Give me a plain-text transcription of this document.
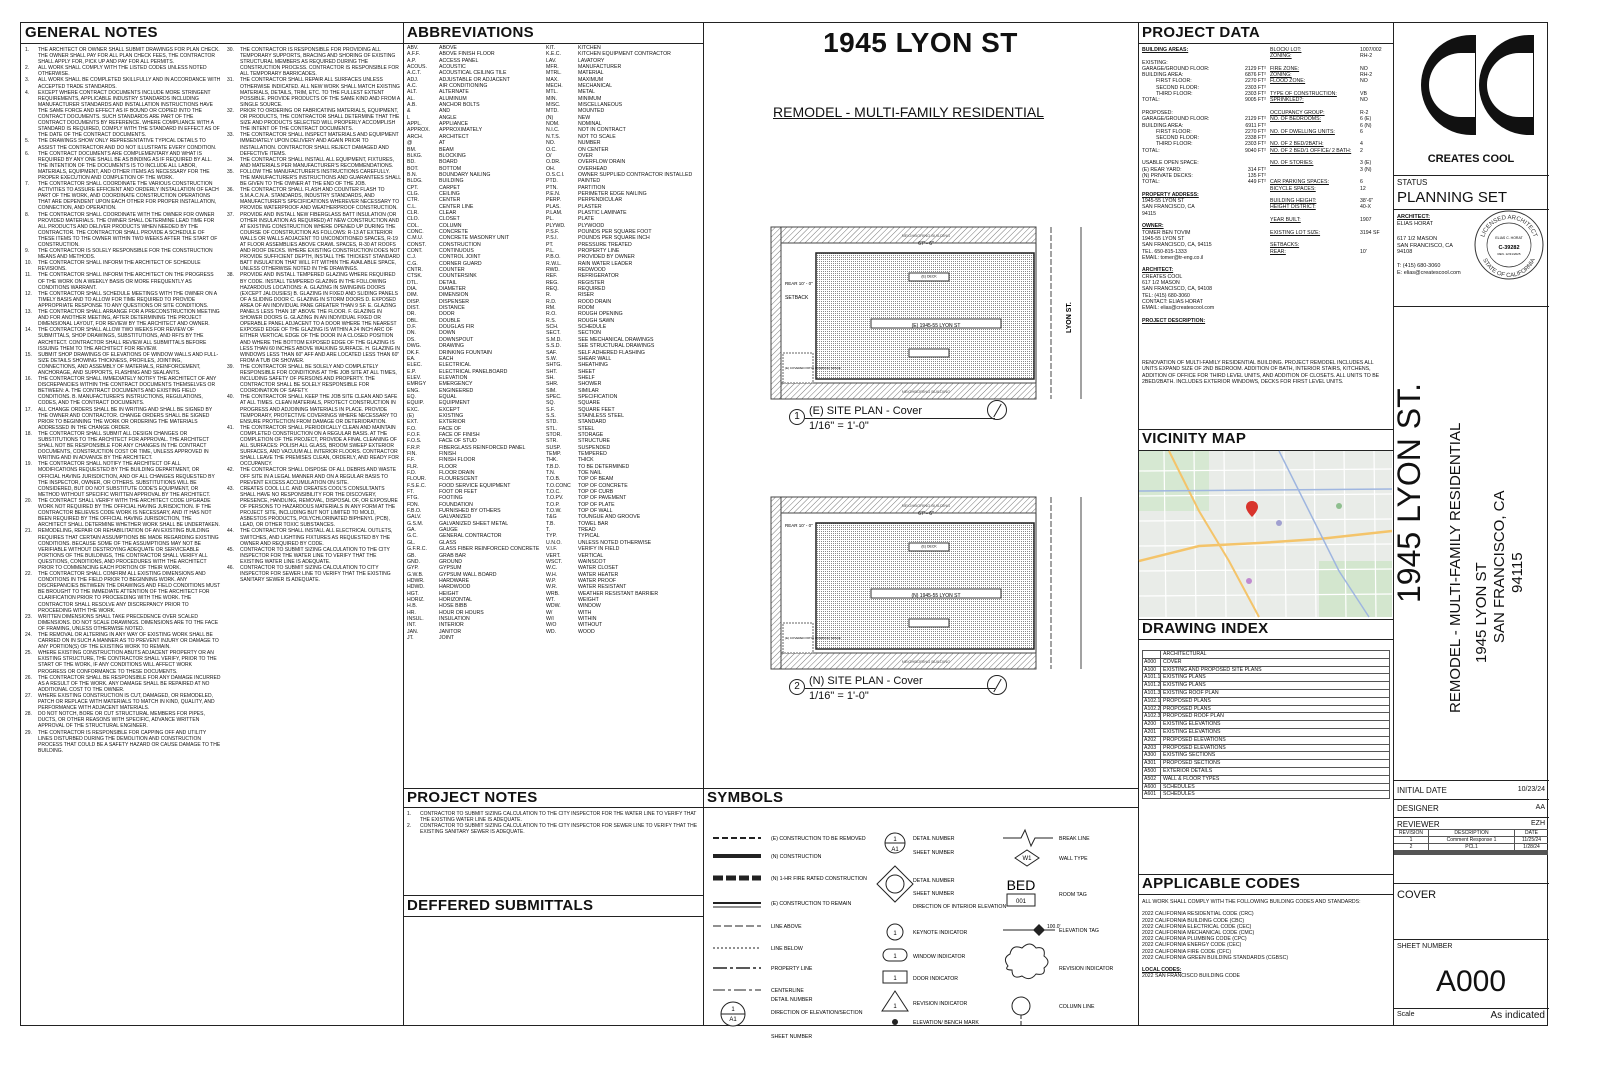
GENERAL NOTES
1.	THE ARCHITECT OR OWNER SHALL SUBMIT DRAWINGS FOR PLAN CHECK. THE OWNER SHALL PAY FOR ALL PLAN CHECK FEES, THE CONTRACTOR SHALL APPLY FOR, PICK UP AND PAY FOR ALL PERMITS.
2.	ALL WORK SHALL COMPLY WITH THE LISTED CODES UNLESS NOTED OTHERWISE.
3.	ALL WORK SHALL BE COMPLETED SKILLFULLY AND IN ACCORDANCE WITH ACCEPTED TRADE STANDARDS.
4.	EXCEPT WHERE CONTRACT DOCUMENTS INCLUDE MORE STRINGENT REQUIREMENTS, APPLICABLE INDUSTRY STANDARDS INCLUDING MANUFACTURER STANDARDS AND INSTALLATION INSTRUCTIONS HAVE THE SAME FORCE AND EFFECT AS IF BOUND OR COPIED INTO THE CONTRACT DOCUMENTS. SUCH STANDARDS ARE PART OF THE CONTRACT DOCUMENTS BY REFERENCE. WHERE COMPLIANCE WITH A STANDARD IS REQUIRED, COMPLY WITH THE STANDARD IN EFFECT AS OF THE DATE OF THE CONTRACT DOCUMENTS.
5.	THE DRAWINGS SHOW ONLY REPRESENTATIVE TYPICAL DETAILS TO ASSIST THE CONTRACTOR AND DO NOT ILLUSTRATE EVERY CONDITION.
6.	THE CONTRACT DOCUMENTS ARE COMPLEMENTARY AND WHAT IS REQUIRED BY ANY ONE SHALL BE AS BINDING AS IF REQUIRED BY ALL. THE INTENTION OF THE DOCUMENTS IS TO INCLUDE ALL LABOR, MATERIALS, EQUIPMENT, AND OTHER ITEMS AS NECESSARY FOR THE PROPER EXECUTION AND COMPLETION OF THE WORK.
7.	THE CONTRACTOR SHALL COORDINATE THE VARIOUS CONSTRUCTION ACTIVITIES TO ASSURE EFFICIENT AND ORDERLY INSTALLATION OF EACH PART OF THE WORK, AND COORDINATE CONSTRUCTION OPERATIONS THAT ARE DEPENDENT UPON EACH OTHER FOR PROPER INSTALLATION, CONNECTION, AND OPERATION.
8.	THE CONTRACTOR SHALL COORDINATE WITH THE OWNER FOR OWNER PROVIDED MATERIALS. THE OWNER SHALL DETERMINE LEAD TIME FOR ALL PRODUCTS AND DELIVER PRODUCTS WHEN NEEDED BY THE CONTRACTOR. THE CONTRACTOR SHALL PROVIDE A SCHEDULE OF THESE ITEMS TO THE OWNER WITHIN TWO WEEKS AFTER THE START OF CONSTRUCTION.
9.	THE CONTRACTOR IS SOLELY RESPONSIBLE FOR THE CONSTRUCTION MEANS AND METHODS.
10.	THE CONTRACTOR SHALL INFORM THE ARCHITECT OF SCHEDULE REVISIONS.
11.	THE CONTRACTOR SHALL INFORM THE ARCHITECT ON THE PROGRESS OF THE WORK ON A WEEKLY BASIS OR MORE FREQUENTLY AS CONDITIONS WARRANT.
12.	THE CONTRACTOR SHALL SCHEDULE MEETINGS WITH THE OWNER ON A TIMELY BASIS AND TO ALLOW FOR TIME REQUIRED TO PROVIDE APPROPRIATE RESPONSE TO ANY QUESTIONS OR SITE CONDITIONS.
13.	THE CONTRACTOR SHALL ARRANGE FOR A PRECONSTRUCTION MEETING AND FOR ANOTHER MEETING, AFTER DETERMINING THE PROJECT DIMENSIONAL LAYOUT, FOR REVIEW BY THE ARCHITECT AND OWNER.
14.	THE CONTRACTOR SHALL ALLOW TWO WEEKS FOR REVIEW OF SUBMITTALS, SHOP DRAWINGS, SUBSTITUTIONS, AND RFI'S BY THE ARCHITECT. CONTRACTOR SHALL REVIEW ALL SUBMITTALS BEFORE ISSUING THEM TO THE ARCHITECT FOR REVIEW.
15.	SUBMIT SHOP DRAWINGS OF ELEVATIONS OF WINDOW WALLS AND FULL-SIZE DETAILS SHOWING THICKNESS, PROFILES, JOINTING, CONNECTIONS, AND ASSEMBLY OF MATERIALS, REINFORCEMENT, ANCHORAGE, AND SUPPORTS, FLASHING AND SEALANTS.
16.	THE CONTRACTOR SHALL IMMEDIATELY NOTIFY THE ARCHITECT OF ANY DISCREPANCIES WITHIN THE CONTRACT DOCUMENTS THEMSELVES OR BETWEEN: A. THE CONTRACT DOCUMENTS AND EXISTING FIELD CONDITIONS. B. MANUFACTURER'S INSTRUCTIONS, REGULATIONS, CODES, AND THE CONTRACT DOCUMENTS.
17.	ALL CHANGE ORDERS SHALL BE IN WRITING AND SHALL BE SIGNED BY THE OWNER AND CONTRACTOR. CHANGE ORDERS SHALL BE SIGNED PRIOR TO BEGINNING THE WORK OR ORDERING THE MATERIALS ADDRESSED IN THE CHANGE ORDER.
18.	THE CONTRACTOR SHALL SUBMIT ALL DESIGN CHANGES OR SUBSTITUTIONS TO THE ARCHITECT FOR APPROVAL. THE ARCHITECT SHALL NOT BE RESPONSIBLE FOR ANY CHANGES IN THE CONTRACT DOCUMENTS, CONSTRUCTION COST OR TIME, UNLESS APPROVED IN WRITING AND IN ADVANCE BY THE ARCHITECT.
19.	THE CONTRACTOR SHALL NOTIFY THE ARCHITECT OF ALL MODIFICATIONS REQUESTED BY THE BUILDING DEPARTMENT, OR OFFICIAL HAVING JURISDICTION, AND OF ALL CHANGES REQUESTED BY THE INSPECTOR, OWNER, OR OTHERS. SUBSTITUTIONS WILL BE CONSIDERED, BUT DO NOT SUBSTITUTE CODE'S EQUIPMENT, OR METHOD WITHOUT SPECIFIC WRITTEN APPROVAL BY THE ARCHITECT.
20.	THE CONTRACT SHALL VERIFY WITH THE ARCHITECT CODE UPGRADE WORK NOT REQUIRED BY THE OFFICIAL HAVING JURISDICTION. IF THE CONTRACTOR BELIEVES CODE WORK IS NECESSARY, AND IT HAS NOT BEEN REQUIRED BY THE OFFICIAL HAVING JURISDICTION, THE ARCHITECT SHALL DETERMINE WHETHER WORK SHALL BE UNDERTAKEN.
21.	REMODELING, REPAIR OR REHABILITATION OF AN EXISTING BUILDING REQUIRES THAT CERTAIN ASSUMPTIONS BE MADE REGARDING EXISTING CONDITIONS. BECAUSE SOME OF THE ASSUMPTIONS MAY NOT BE VERIFIABLE WITHOUT DESTROYING ADEQUATE OR SERVICEABLE PORTIONS OF THE BUILDINGS, THE CONTRACTOR SHALL VERIFY ALL QUESTIONS, CONDITIONS, AND PROCEDURES WITH THE ARCHITECT PRIOR TO COMMENCING EACH PORTION OF THEIR WORK.
22.	THE CONTRACTOR SHALL CONFIRM ALL EXISTING DIMENSIONS AND CONDITIONS IN THE FIELD PRIOR TO BEGINNING WORK. ANY DISCREPANCIES BETWEEN THE DRAWINGS AND FIELD CONDITIONS MUST BE BROUGHT TO THE IMMEDIATE ATTENTION OF THE ARCHITECT FOR CLARIFICATION PRIOR TO PROCEEDING WITH THE WORK. THE CONTRACTOR SHALL RESOLVE ANY DISCREPANCY PRIOR TO PROCEEDING WITH THE WORK.
23.	WRITTEN DIMENSIONS SHALL TAKE PRECEDENCE OVER SCALED DIMENSIONS. DO NOT SCALE DRAWINGS. DIMENSIONS ARE TO THE FACE OF FRAMING, UNLESS OTHERWISE NOTED.
24.	THE REMOVAL OR ALTERING IN ANY WAY OF EXISTING WORK SHALL BE CARRIED ON IN SUCH A MANNER AS TO PREVENT INJURY OR DAMAGE TO ANY PORTION(S) OF THE EXISTING WORK TO REMAIN.
25.	WHERE EXISTING CONSTRUCTION ABUTS ADJACENT PROPERTY OR AN EXISTING STRUCTURE, THE CONTRACTOR SHALL VERIFY, PRIOR TO THE START OF THE WORK, IF ANY CONDITIONS WILL AFFECT WORK PROGRESS OR CONFORMANCE TO THESE DOCUMENTS.
26.	THE CONTRACTOR SHALL BE RESPONSIBLE FOR ANY DAMAGE INCURRED AS A RESULT OF THE WORK. ANY DAMAGE SHALL BE REPAIRED AT NO ADDITIONAL COST TO THE OWNER.
27.	WHERE EXISTING CONSTRUCTION IS CUT, DAMAGED, OR REMODELED, PATCH OR REPLACE WITH MATERIALS TO MATCH IN KIND, QUALITY, AND PERFORMANCE WITH ADJACENT MATERIALS.
28.	DO NOT NOTCH, BORE OR CUT STRUCTURAL MEMBERS FOR PIPES, DUCTS, OR OTHER REASONS WITH SPECIFIC, ADVANCE WRITTEN APPROVAL OF THE STRUCTURAL ENGINEER.
29.	THE CONTRACTOR IS RESPONSIBLE FOR CAPPING OFF AND UTILITY LINES DISTURBED DURING THE DEMOLITION AND CONSTRUCTION PROCESS THAT COULD BE A SAFETY HAZARD OR CAUSE DAMAGE TO THE BUILDING.
30.	THE CONTRACTOR IS RESPONSIBLE FOR PROVIDING ALL TEMPORARY SUPPORTS, BRACING AND SHORING OF EXISTING STRUCTURAL MEMBERS AS REQUIRED DURING THE CONSTRUCTION PROCESS. CONTRACTOR IS RESPONSIBLE FOR ALL TEMPORARY BARRICADES.
31.	THE CONTRACTOR SHALL REPAIR ALL SURFACES UNLESS OTHERWISE INDICATED. ALL NEW WORK SHALL MATCH EXISTING MATERIALS, DETAILS, TRIM, ETC. TO THE FULLEST EXTENT POSSIBLE. PROVIDE PRODUCTS OF THE SAME KIND AND FROM A SINGLE SOURCE.
32.	PRIOR TO ORDERING OR FABRICATING MATERIALS, EQUIPMENT, OR PRODUCTS, THE CONTRACTOR SHALL DETERMINE THAT THE SIZE AND PRODUCTS SELECTED WILL PROPERLY ACCOMPLISH THE INTENT OF THE CONTRACT DOCUMENTS.
33.	THE CONTRACTOR SHALL INSPECT MATERIALS AND EQUIPMENT IMMEDIATELY UPON DELIVERY AND AGAIN PRIOR TO INSTALLATION. CONTRACTOR SHALL REJECT DAMAGED AND DEFECTIVE ITEMS.
34.	THE CONTRACTOR SHALL INSTALL ALL EQUIPMENT, FIXTURES, AND MATERIALS PER MANUFACTURER'S RECOMMENDATIONS.
35.	FOLLOW THE MANUFACTURER'S INSTRUCTIONS CAREFULLY. THE MANUFACTURER'S INSTRUCTIONS AND GUARANTEES SHALL BE GIVEN TO THE OWNER AT THE END OF THE JOB.
36.	THE CONTRACTOR SHALL FLASH AND COUNTER FLASH TO S.M.A.C.N.A. STANDARDS, INDUSTRY STANDARDS, AND MANUFACTURER'S SPECIFICATIONS WHEREVER NECESSARY TO PROVIDE WATERPROOF AND WEATHERPROOF CONSTRUCTION.
37.	PROVIDE AND INSTALL NEW FIBERGLASS BATT INSULATION (OR OTHER INSULATION AS REQUIRED) AT NEW CONSTRUCTION AND AT EXISTING CONSTRUCTION WHERE OPENED UP DURING THE COURSE OF CONSTRUCTION AS FOLLOWS: R-13 AT EXTERIOR WALLS OR WALLS ADJACENT TO UNCONDITIONED SPACES, R-19 AT FLOOR ASSEMBLIES ABOVE CRAWL SPACES, R-30 AT ROOFS AND ROOF DECKS. WHERE EXISTING CONSTRUCTION DOES NOT PROVIDE SUFFICIENT DEPTH, INSTALL THE THICKEST STANDARD BATT INSULATION THAT WILL FIT WITHIN THE AVAILABLE SPACE, UNLESS OTHERWISE NOTED IN THE DRAWINGS.
38.	PROVIDE AND INSTALL TEMPERED GLAZING WHERE REQUIRED BY CODE. INSTALL TEMPERED GLAZING IN THE FOLLOWING HAZARDOUS LOCATIONS: A. GLAZING IN SWINGING DOORS (EXCEPT JALOUSIES) B. GLAZING IN FIXED AND SLIDING PANELS OF A SLIDING DOOR C. GLAZING IN STORM DOORS D. EXPOSED AREA OF AN INDIVIDUAL PANE GREATER THAN 9 SF. E. GLAZING PANELS LESS THAN 18" ABOVE THE FLOOR. F. GLAZING IN SHOWER DOORS G. GLAZING IN AN INDIVIDUAL FIXED OR OPERABLE PANEL ADJACENT TO A DOOR WHERE THE NEAREST EXPOSED EDGE OF THE GLAZING IS WITHIN A 24 INCH ARC OF EITHER VERTICAL EDGE OF THE DOOR IN A CLOSED POSITION AND WHERE THE BOTTOM EXPOSED EDGE OF THE GLAZING IS LESS THAN 60 INCHES ABOVE WALKING SURFACE. H. GLAZING IN WINDOWS LESS THAN 60" AFF AND ARE LOCATED LESS THAN 60" FROM A TUB OR SHOWER.
39.	THE CONTRACTOR SHALL BE SOLELY AND COMPLETELY RESPONSIBLE FOR CONDITIONS AT THE JOB SITE AT ALL TIMES, INCLUDING SAFETY OF PERSONS AND PROPERTY. THE CONTRACTOR SHALL BE SOLELY RESPONSIBLE FOR COORDINATION OF SAFETY.
40.	THE CONTRACTOR SHALL KEEP THE JOB SITE CLEAN AND SAFE AT ALL TIMES. CLEAN MATERIALS, PROTECT CONSTRUCTION IN PROGRESS AND ADJOINING MATERIALS IN PLACE. PROVIDE TEMPORARY, PROTECTIVE COVERINGS WHERE NECESSARY TO ENSURE PROTECTION FROM DAMAGE OR DETERIORATION.
41.	THE CONTRACTOR SHALL PERIODICALLY CLEAN AND MAINTAIN COMPLETED CONSTRUCTION ON A REGULAR BASIS. AT THE COMPLETION OF THE PROJECT, PROVIDE A FINAL CLEANING OF ALL SURFACES: POLISH ALL GLASS, BROOM SWEEP EXTERIOR SURFACES, AND VACUUM ALL INTERIOR FLOORS. CONTRACTOR SHALL LEAVE THE PREMISES CLEAN, ORDERLY, AND READY FOR OCCUPANCY.
42.	THE CONTRACTOR SHALL DISPOSE OF ALL DEBRIS AND WASTE OFF SITE IN A LEGAL MANNER AND ON A REGULAR BASIS TO PREVENT EXCESS ACCUMULATION ON SITE.
43.	CREATES COOL LLC. AND CREATES COOL'S CONSULTANTS SHALL HAVE NO RESPONSIBILITY FOR THE DISCOVERY, PRESENCE, HANDLING, REMOVAL, DISPOSAL OF, OR EXPOSURE OF PERSONS TO HAZARDOUS MATERIALS IN ANY FORM AT THE PROJECT SITE, INCLUDING BUT NOT LIMITED TO MOLD, ASBESTOS PRODUCTS, POLYCHLORINATED BIPHENYL (PCB), LEAD, OR OTHER TOXIC SUBSTANCES.
44.	THE CONTRACTOR SHALL INSTALL ALL ELECTRICAL OUTLETS, SWITCHES, AND LIGHTING FIXTURES AS REQUESTED BY THE OWNER AND REQUIRED BY CODE.
45.	CONTRACTOR TO SUBMIT SIZING CALCULATION TO THE CITY INSPECTOR FOR THE WATER LINE TO VERIFY THAT THE EXISTING WATER LINE IS ADEQUATE.
46.	CONTRACTOR TO SUBMIT SIZING CALCULATION TO CITY INSPECTOR FOR SEWER LINE TO VERIFY THAT THE EXISTING SANITARY SEWER IS ADEQUATE.
ABBREVIATIONS
ABV.	ABOVE
A.F.F.	ABOVE FINISH FLOOR
A.P.	ACCESS PANEL
ACOUS.	ACOUSTIC
A.C.T.	ACOUSTICAL CEILING TILE
ADJ.	ADJUSTABLE OR ADJACENT
A.C.	AIR CONDITIONING
ALT.	ALTERNATE
AL.	ALUMINUM
A.B.	ANCHOR BOLTS
&	AND
L	ANGLE
APPL.	APPLIANCE
APPROX.	APPROXIMATELY
ARCH.	ARCHITECT
@	AT
BM.	BEAM
BLKG.	BLOCKING
BD.	BOARD
BOT.	BOTTOM
B.N.	BOUNDARY NAILING
BLDG.	BUILDING
CPT.	CARPET
CLG.	CEILING
CTR.	CENTER
C.L.	CENTER LINE
CLR.	CLEAR
CLO.	CLOSET
COL.	COLUMN
CONC.	CONCRETE
C.M.U.	CONCRETE MASONRY UNIT
CONST.	CONSTRUCTION
CONT.	CONTINUOUS
C.J.	CONTROL JOINT
C.G.	CORNER GUARD
CNTR.	COUNTER
CTSK.	COUNTERSINK
DTL.	DETAIL
DIA.	DIAMETER
DIM.	DIMENSION
DISP.	DISPENSER
DIST.	DISTANCE
DR.	DOOR
DBL.	DOUBLE
D.F.	DOUGLAS FIR
DN.	DOWN
DS.	DOWNSPOUT
DWG.	DRAWING
DK.F.	DRINKING FOUNTAIN
EA.	EACH
ELEC.	ELECTRICAL
E.P.	ELECTRICAL PANELBOARD
ELEV.	ELEVATION
EMRGY	EMERGENCY
ENG.	ENGINEERED
EQ.	EQUAL
EQUIP.	EQUIPMENT
EXC.	EXCEPT
(E)	EXISTING
EXT.	EXTERIOR
F.O.	FACE OF
F.O.F.	FACE OF FINISH
F.O.S.	FACE OF STUD
F.R.P.	FIBERGLASS REINFORCED PANEL
FIN.	FINISH
F.F.	FINISH FLOOR
FLR.	FLOOR
F.D.	FLOOR DRAIN
FLOUR.	FLOURESCENT
F.S.E.C.	FOOD SERVICE EQUIPMENT
FT.	FOOT OR FEET
FTG.	FOOTING
FDN.	FOUNDATION
F.B.O.	FURNISHED BY OTHERS
GALV.	GALVANIZED
G.S.M.	GALVANIZED SHEET METAL
GA.	GAUGE
G.C.	GENERAL CONTRACTOR
GL.	GLASS
G.F.R.C.	GLASS FIBER REINFORCED CONCRETE
GB.	GRAB BAR
GND.	GROUND
GYP.	GYPSUM
G.W.B.	GYPSUM WALL BOARD
HDWR.	HARDWARE
HDWD.	HARDWOOD
HGT.	HEIGHT
HORIZ.	HORIZONTAL
H.B.	HOSE BIBB
HR.	HOUR OR HOURS
INSUL.	INSULATION
INT.	INTERIOR
JAN.	JANITOR
JT.	JOINT
KIT.	KITCHEN
K.E.C.	KITCHEN EQUIPMENT CONTRACTOR
LAV.	LAVATORY
MFR.	MANUFACTURER
MTRL.	MATERIAL
MAX.	MAXIMUM
MECH.	MECHANICAL
MTL.	METAL
MIN.	MINIMUM
MISC.	MISCELLANEOUS
MTD.	MOUNTED
(N)	NEW
NOM.	NOMINAL
N.I.C.	NOT IN CONTRACT
N.T.S.	NOT TO SCALE
NO.	NUMBER
O.C.	ON CENTER
O/	OVER
O.DR.	OVERFLOW DRAIN
OH.	OVERHEAD
O.S.C.I.	OWNER SUPPLIED CONTRACTOR INSTALLED
PTD.	PAINTED
PTN.	PARTITION
P.E.N.	PERIMETER EDGE NAILING
PERP.	PERPENDICULAR
PLAS.	PLASTER
P.LAM.	PLASTIC LAMINATE
PL.	PLATE
PLYWD.	PLYWOOD
P.S.F.	POUNDS PER SQUARE FOOT
P.S.I.	POUNDS PER SQUARE INCH
PT.	PRESSURE TREATED
P.L.	PROPERTY LINE
P.B.O.	PROVIDED BY OWNER
R.W.L.	RAIN WATER LEADER
RWD.	REDWOOD
REF.	REFRIGERATOR
REG.	REGISTER
REQ.	REQUIRED
R.	RISER
R.D.	ROOD DRAIN
RM.	ROOM
R.O.	ROUGH OPENING
R.S.	ROUGH SAWN
SCH.	SCHEDULE
SECT.	SECTION
S.M.D.	SEE MECHANICAL DRAWINGS
S.S.D.	SEE STRUCTURAL DRAWINGS
SAF.	SELF ADHERED FLASHING
S.W.	SHEAR WALL
SHTG.	SHEATHING
SHT.	SHEET
SH.	SHELF
SHR.	SHOWER
SIM.	SIMILAR
SPEC.	SPECIFICATION
SQ.	SQUARE
S.F.	SQUARE FEET
S.S.	STAINLESS STEEL
STD.	STANDARD
STL.	STEEL
STOR.	STORAGE
STR.	STRUCTURE
SUSP.	SUSPENDED
TEMP.	TEMPERED
THK.	THICK
T.B.D.	TO BE DETERMINED
T.N.	TOE NAIL
T.O.B.	TOP OF BEAM
T.O.CONC	TOP OF CONCRETE
T.O.C.	TOP OF CURB
T.O.PV.	TOP OF PAVEMENT
T.O.P.	TOP OF PLATE
T.O.W.	TOP OF WALL
T&G	TOUNGUE AND GROOVE
T.B.	TOWEL BAR
T.	TREAD
TYP.	TYPICAL
U.N.O.	UNLESS NOTED OTHERWISE
V.I.F.	VERIFY IN FIELD
VERT.	VERTICAL
WSCT.	WAINSCOT
W.C.	WATER CLOSET
W.H.	WATER HEATER
W.P.	WATER PROOF
W.R.	WATER RESISTANT
WRB.	WEATHER RESISTANT BARRIER
WT.	WEIGHT
WDW.	WINDOW
W/	WITH
W/I	WITHIN
W/O	WITHOUT
WD.	WOOD
PROJECT NOTES
1.	CONTRACTOR TO SUBMIT SIZING CALCULATION TO THE CITY INSPECTOR FOR THE WATER LINE TO VERIFY THAT THE EXISTING WATER LINE IS ADEQUATE.
2.	CONTRACTOR TO SUBMIT SIZING CALCULATION TO THE CITY INSPECTOR FOR SEWER LINE TO VERIFY THAT THE EXISTING SANITARY SEWER IS ADEQUATE.
DEFFERED SUBMITTALS
1945 LYON ST
REMODEL - MULTI-FAMILY RESIDENTIAL
NEIGHBORING BUILDING
NEIGHBORING BUILDING
(E) 1945-55 LYON ST
67' - 6"
SETBACK
REAR 10' - 0"
(E) DECK
(E) COVERED PATIO / PARKING SPACE
LYON ST.
1 (E) SITE PLAN - Cover
1/16" = 1'-0"
NEIGHBORING BUILDING
NEIGHBORING BUILDING
(N) 1945-55 LYON ST
67' - 6"
REAR 10' - 0"
(E) DECK
(E) COVERED PATIO / PARKING SPACE
2 (N) SITE PLAN - Cover
1/16" = 1'-0"
SYMBOLS
(E) CONSTRUCTION TO BE REMOVED
(N) CONSTRUCTION
(N) 1-HR FIRE RATED CONSTRUCTION
(E) CONSTRUCTION TO REMAIN
LINE ABOVE
LINE BELOW
PROPERTY LINE
CENTERLINE
1
A1
DETAIL NUMBER
DIRECTION OF ELEVATION/SECTION
SHEET NUMBER
1
A1
DETAIL NUMBER
SHEET NUMBER
DETAIL NUMBER
SHEET NUMBER
DIRECTION OF INTERIOR ELEVATION
1	KEYNOTE INDICATOR
1	WINDOW INDICATOR
1	DOOR INDICATOR
1	REVISION INDICATOR
ELEVATION/ BENCH MARK
BREAK LINE
W1	WALL TYPE
BED
001
ROOM TAG
100.0'
ELEVATION TAG
REVISION INDICATOR
COLUMN LINE
PROJECT DATA
BUILDING AREAS:

EXISTING:
GARAGE/GROUND FLOOR:	2129 FT²
BUILDING AREA:	6876 FT²
FIRST FLOOR:	2270 FT²
SECOND FLOOR:	2303 FT²
THIRD FLOOR:	2303 FT²
TOTAL:	9005 FT²

PROPOSED:
GARAGE/GROUND FLOOR:	2129 FT²
BUILDING AREA:	6911 FT²
FIRST FLOOR:	2270 FT²
SECOND FLOOR:	2338 FT²
THIRD FLOOR:	2303 FT²
TOTAL:	9040 FT²

USABLE OPEN SPACE:
(E) REAR YARD:	314 FT²
(N) PRIVATE DECKS:	135 FT²
TOTAL:	449 FT²

PROPERTY ADDRESS:
1945-55 LYON ST
SAN FRANCISCO, CA
94115

OWNER:
TOMER BEN TOVIM
1945-55 LYON ST
SAN FRANCISCO, CA, 94115
TEL. 650-815-1333
EMAIL: tomer@tr-eng.co.il

ARCHITECT:
CREATES COOL
617 1/2 MASON
SAN FRANCISCO, CA, 94108
TEL: (415) 680-3060
CONTACT: ELIAS HORAT
EMAIL: elias@createscool.com

PROJECT DESCRIPTION:
RENOVATION OF MULTI-FAMILY RESIDENTIAL BUILDING. PROJECT REMODEL INCLUDES ALL UNITS EXPAND SIZE OF 2ND BEDROOM. ADDITION OF BATH, INTERIOR STAIRS, KITCHENS, ADDITION OF OFFICE FOR THIRD LEVEL UNITS, AND ADDITION OF CLOSETS. ALL UNITS TO BE 2BED/2BATH. INCLUDES EXTERIOR WINDOWS, DECKS FOR FIRST LEVEL UNITS.
BLOCK/ LOT:	1007/002
ZONING:	RH-2
FIRE ZONE:	NO
ZONING:	RH-2
FLOOD ZONE:	NO
TYPE OF CONSTRUCTION:	VB
SPRINKLED?:	NO
OCCUPANCY GROUP:	R-2
NO. OF BEDROOMS:	6 (E)
6 (N)
NO. OF DWELLING UNITS:	6
NO. OF 2 BED/2BATH:	4
NO. OF 2 BED/1 OFFICE/ 2 BATH:	2
NO. OF STORIES:	3 (E)
3 (N)
CAR PARKING SPACES:	6
BICYCLE SPACES:	12
BUILDING HEIGHT:	38'-6"
HEIGHT DISTRICT:	40-X
YEAR BUILT:	1907
EXISTING LOT SIZE:	3194 SF
SETBACKS:
REAR:	10'
VICINITY MAP
DRAWING INDEX
ARCHITECTURAL
A000	COVER
A100	EXISTING AND PROPOSED SITE PLANS
A101.1 EXISTING PLANS
A101.2 EXISTING PLANS
A101.3 EXISTING ROOF PLAN
A102.1 PROPOSED PLANS
A102.2 PROPOSED PLANS
A102.3 PROPOSED ROOF PLAN
A200	EXISTING ELEVATIONS
A201	EXISTING ELEVATIONS
A202	PROPOSED ELEVATIONS
A203	PROPOSED ELEVATIONS
A300	EXISTING SECTIONS
A301	PROPOSED SECTIONS
A500	EXTERIOR DETAILS
A502	WALL & FLOOR TYPES
A600	SCHEDULES
A601	SCHEDULES
APPLICABLE CODES
ALL WORK SHALL COMPLY WITH THE FOLLOWING BUILDING CODES AND STANDARDS:

2022 CALIFORNIA RESIDENTIAL CODE (CRC)
2022 CALIFORNIA BUILDING CODE (CBC)
2022 CALIFORNIA ELECTRICAL CODE (CEC)
2022 CALIFORNIA MECHANICAL CODE (CMC)
2022 CALIFORNIA PLUMBING CODE (CPC)
2022 CALIFORNIA ENERGY CODE (CEC)
2022 CALIFORNIA FIRE CODE (CFC)
2022 CALIFORNIA GREEN BUILDING STANDARDS (CGBSC)

LOCAL CODES:
2022 SAN FRANCISCO BUILDING CODE
CREATES COOL
STATUS
PLANNING SET
ARCHITECT:
ELIAS HORAT
617 1/2 MASON
SAN FRANCISCO, CA
94108
T: (415) 680-3060
E: elias@createscool.com
LICENSED ARCHITECT
STATE OF CALIFORNIA
ELIAS C. HORAT
C-39282
REN. 12/31/2025
1945 LYON ST. REMODEL - MULTI-FAMILY RESIDENTIAL 1945 LYON ST SAN FRANCISCO, CA 94115
INITIAL DATE	10/23/24
DESIGNER	AA
REVIEWER	EZH
REVISION	DESCRIPTION	DATE
1	Comment Response 1	11/25/24
2	PCL1	1/28/24
COVER
SHEET NUMBER
A000
Scale	As indicated
